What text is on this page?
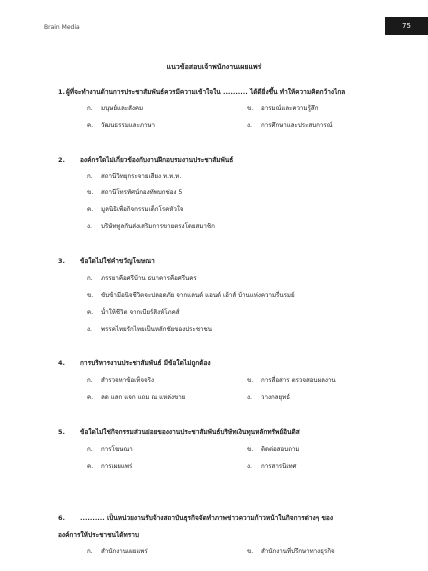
Brain Media	75
แนวข้อสอบเจ้าพนักงานเผยแพร่
1.ผู้ที่จะทำงานด้านการประชาสัมพันธ์ควรมีความเข้าใจใน .......... ได้ดียิ่งขึ้น ทำให้ความคิดกว้างไกล
ก. มนุษย์และสังคม	ข. อารมณ์และความรู้สึก
ค. วัฒนธรรมและภาษา	ง. การศึกษาและประสบการณ์
2. องค์กรใดไม่เกี่ยวข้องกับงานฝึกอบรมงานประชาสัมพันธ์
ก. สถานีวิทยุกระจายเสียง ท.ท.ท.
ข. สถานีโทรทัศน์กองทัพบกช่อง 5
ค. มูลนิธิเพื่อกิจกรรมเด็กโรคหัวใจ
ง. บริษัททูลกันส่งเสริมการขายตรงโดยสมาชิก
3. ข้อใดไม่ใช่คำขวัญโฆษณา
ก. ภรรยาคือศรีบ้าน ธนาคารคือศรีนคร
ข. ขับข้ามีอนิจชีวิตจะปลอดภัย จากแลนด์ แอนด์ เฮ้าส์ บ้านแห่งความรื่นรมย์
ค. น้ำให้ชีวิต จากเบียร์สิงห์โภคส์
ง. พรรคไทยรักไทยเป็นหลักชัยของประชาชน
4. การบริหารงานประชาสัมพันธ์ มีข้อใดไม่ถูกต้อง
ก. สำรวจหาข้อเท็จจริง	ข. การสื่อสาร ตรวจสอบผลงาน
ค. ลด แลก แจก แถม ณ แหล่งขาย	ง. วางกลยุทธ์
5. ข้อใดไม่ใช่กิจกรรมส่วนย่อยของงานประชาสัมพันธ์บริษัทเงินทุนหลักทรัพย์อินดิส
ก. การโฆษณา	ข. ติดต่อสอบถาม
ค. การเผยแพร่	ง. การสารนิเทศ
6. .......... เป็นหน่วยงานรับจ้างสถาบันธุรกิจจัดทำภาพข่าวความก้าวหน้าในกิจการต่างๆ ของ
องค์การให้ประชาชนได้ทราบ
ก. สำนักงานเผยแพร่	ข. สำนักงานที่ปรึกษาทางธุรกิจ
